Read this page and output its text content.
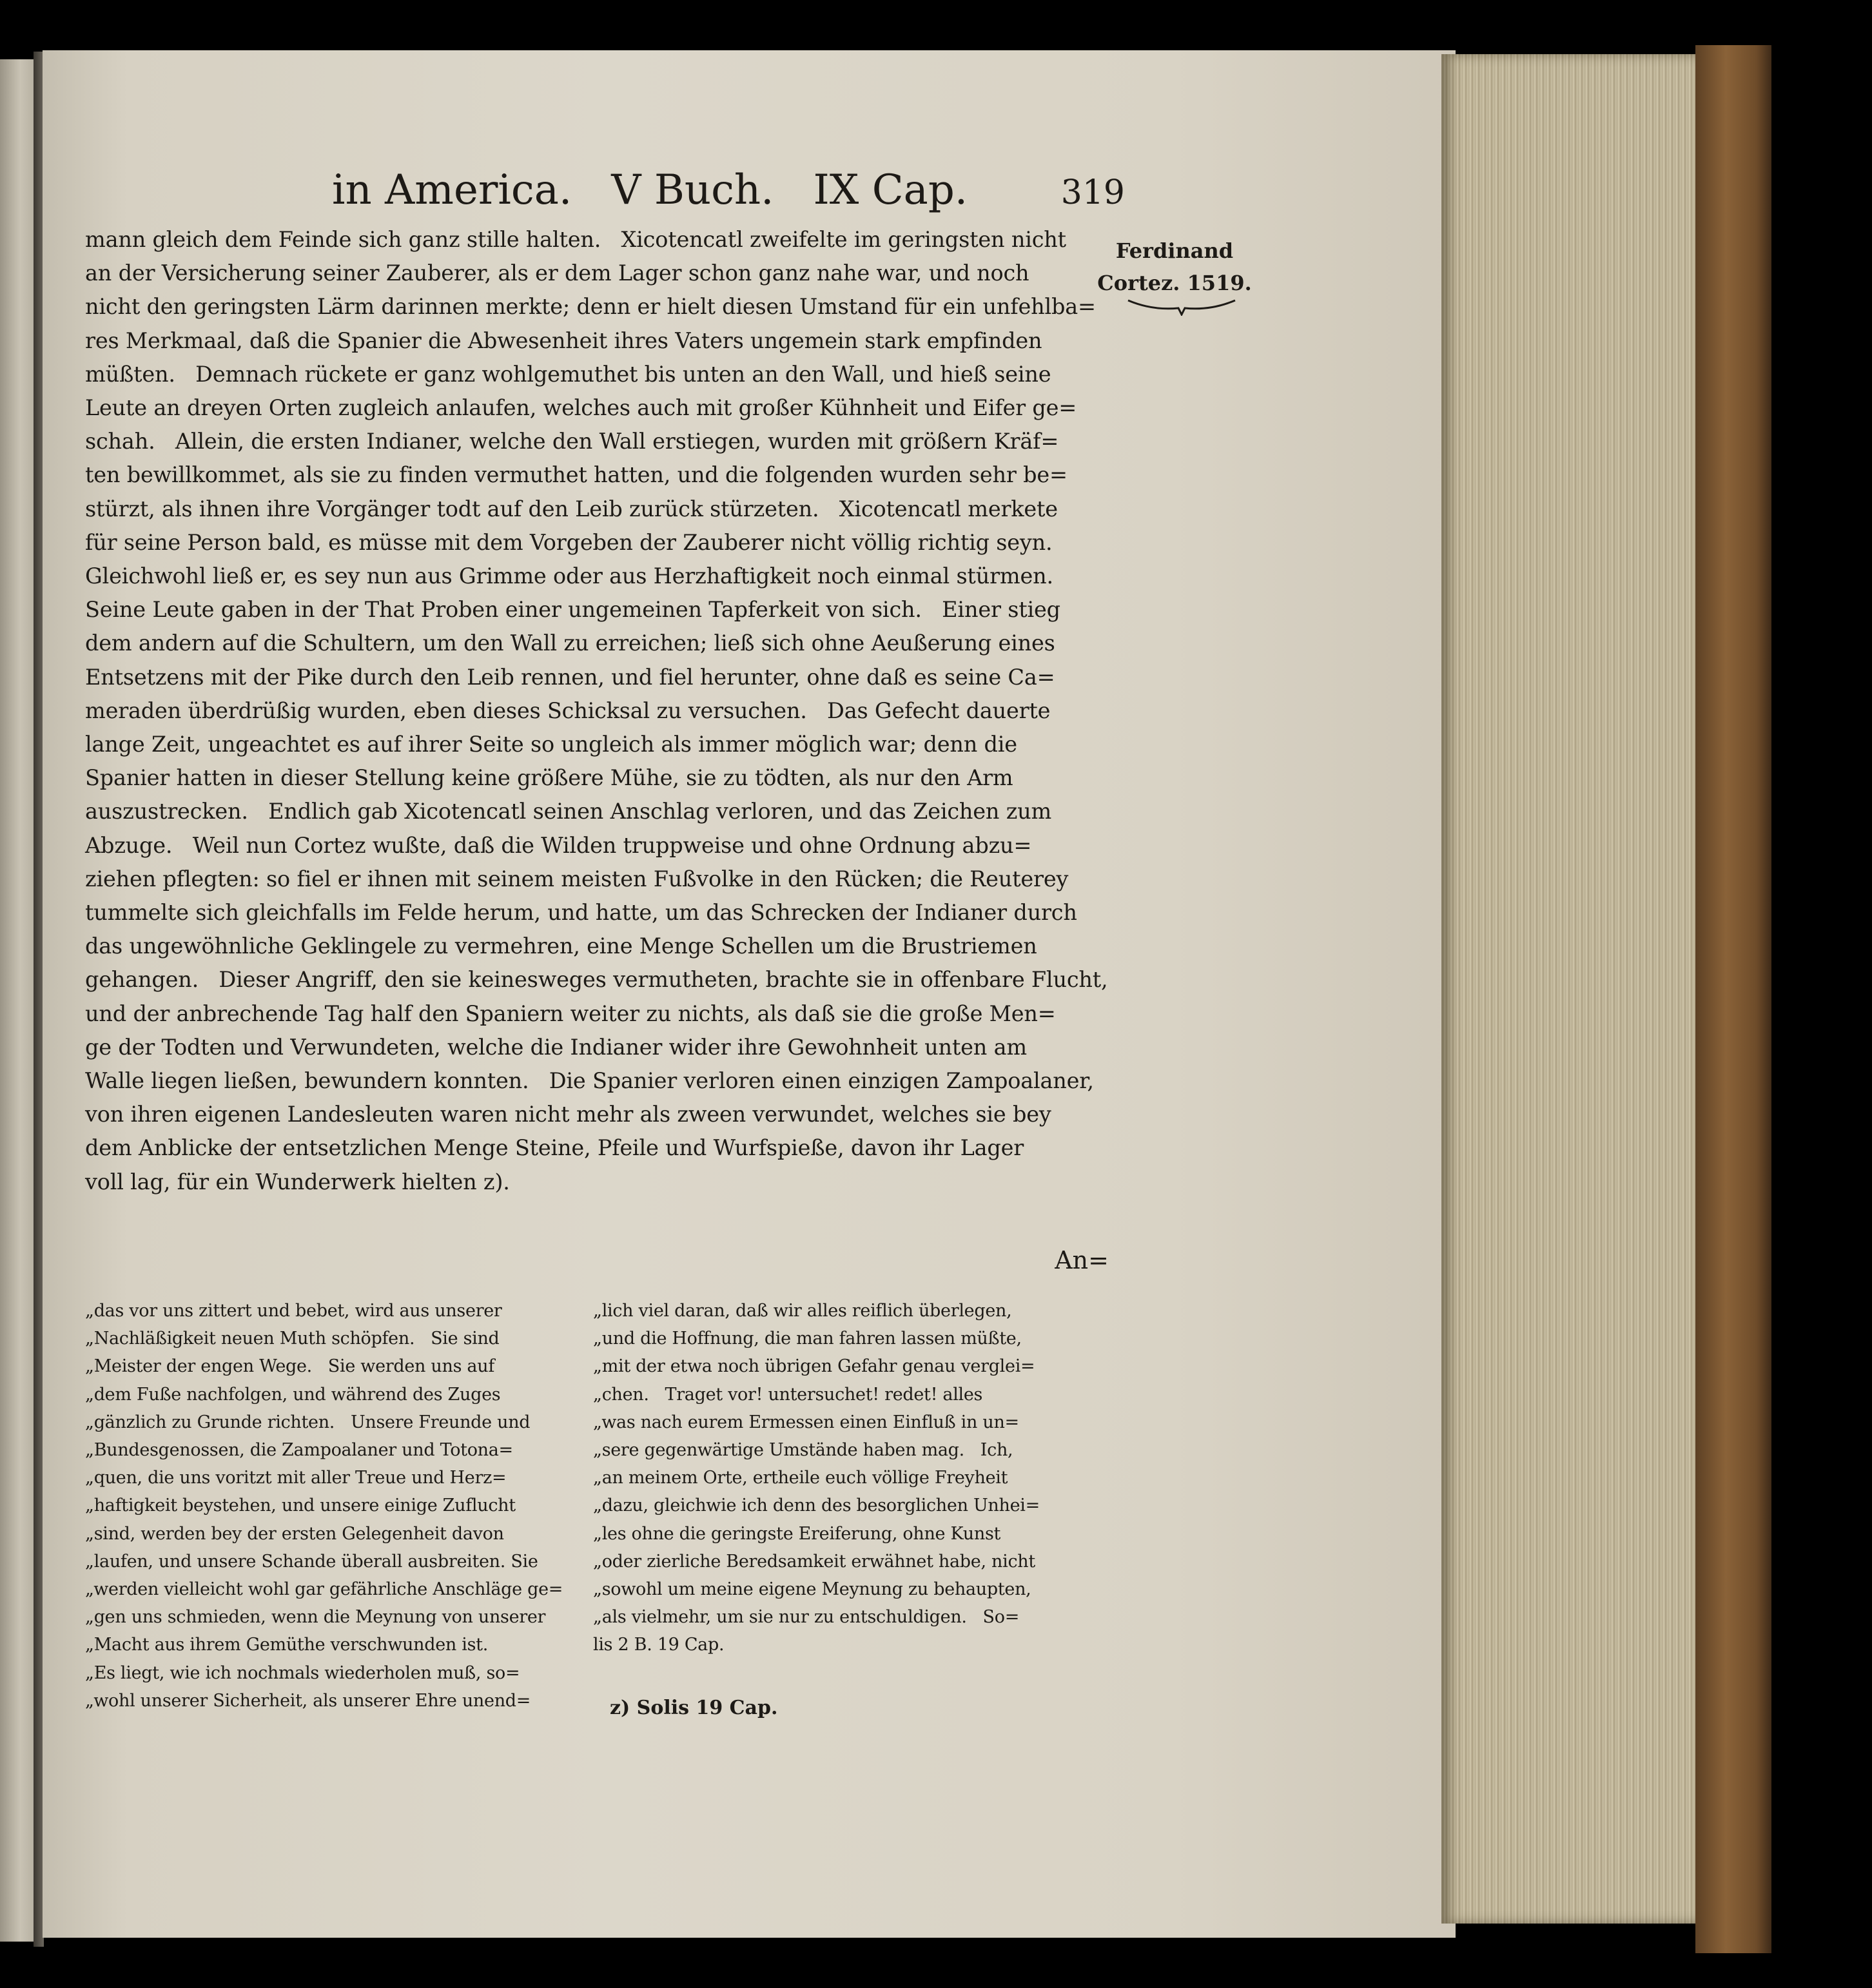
in America.   V Buch.   IX Cap.

	319

mann gleich dem Feinde sich ganz stille halten.   Xicotencatl zweifelte im geringsten nicht
an der Versicherung seiner Zauberer, als er dem Lager schon ganz nahe war, und noch
nicht den geringsten Lärm darinnen merkte; denn er hielt diesen Umstand für ein unfehlba=
res Merkmaal, daß die Spanier die Abwesenheit ihres Vaters ungemein stark empfinden
müßten.   Demnach rückete er ganz wohlgemuthet bis unten an den Wall, und hieß seine
Leute an dreyen Orten zugleich anlaufen, welches auch mit großer Kühnheit und Eifer ge=
schah.   Allein, die ersten Indianer, welche den Wall erstiegen, wurden mit größern Kräf=
ten bewillkommet, als sie zu finden vermuthet hatten, und die folgenden wurden sehr be=
stürzt, als ihnen ihre Vorgänger todt auf den Leib zurück stürzeten.   Xicotencatl merkete
für seine Person bald, es müsse mit dem Vorgeben der Zauberer nicht völlig richtig seyn.
Gleichwohl ließ er, es sey nun aus Grimme oder aus Herzhaftigkeit noch einmal stürmen.
Seine Leute gaben in der That Proben einer ungemeinen Tapferkeit von sich.   Einer stieg
dem andern auf die Schultern, um den Wall zu erreichen; ließ sich ohne Aeußerung eines
Entsetzens mit der Pike durch den Leib rennen, und fiel herunter, ohne daß es seine Ca=
meraden überdrüßig wurden, eben dieses Schicksal zu versuchen.   Das Gefecht dauerte
lange Zeit, ungeachtet es auf ihrer Seite so ungleich als immer möglich war; denn die
Spanier hatten in dieser Stellung keine größere Mühe, sie zu tödten, als nur den Arm
auszustrecken.   Endlich gab Xicotencatl seinen Anschlag verloren, und das Zeichen zum
Abzuge.   Weil nun Cortez wußte, daß die Wilden truppweise und ohne Ordnung abzu=
ziehen pflegten: so fiel er ihnen mit seinem meisten Fußvolke in den Rücken; die Reuterey
tummelte sich gleichfalls im Felde herum, und hatte, um das Schrecken der Indianer durch
das ungewöhnliche Geklingele zu vermehren, eine Menge Schellen um die Brustriemen
gehangen.   Dieser Angriff, den sie keinesweges vermutheten, brachte sie in offenbare Flucht,
und der anbrechende Tag half den Spaniern weiter zu nichts, als daß sie die große Men=
ge der Todten und Verwundeten, welche die Indianer wider ihre Gewohnheit unten am
Walle liegen ließen, bewundern konnten.   Die Spanier verloren einen einzigen Zampoalaner,
von ihren eigenen Landesleuten waren nicht mehr als zween verwundet, welches sie bey
dem Anblicke der entsetzlichen Menge Steine, Pfeile und Wurfspieße, davon ihr Lager
voll lag, für ein Wunderwerk hielten z).
Ferdinand
Cortez. 1519.
An=
„das vor uns zittert und bebet, wird aus unserer
„Nachläßigkeit neuen Muth schöpfen.   Sie sind
„Meister der engen Wege.   Sie werden uns auf
„dem Fuße nachfolgen, und während des Zuges
„gänzlich zu Grunde richten.   Unsere Freunde und
„Bundesgenossen, die Zampoalaner und Totona=
„quen, die uns voritzt mit aller Treue und Herz=
„haftigkeit beystehen, und unsere einige Zuflucht
„sind, werden bey der ersten Gelegenheit davon
„laufen, und unsere Schande überall ausbreiten. Sie
„werden vielleicht wohl gar gefährliche Anschläge ge=
„gen uns schmieden, wenn die Meynung von unserer
„Macht aus ihrem Gemüthe verschwunden ist.
„Es liegt, wie ich nochmals wiederholen muß, so=
„wohl unserer Sicherheit, als unserer Ehre unend=
„lich viel daran, daß wir alles reiflich überlegen,
„und die Hoffnung, die man fahren lassen müßte,
„mit der etwa noch übrigen Gefahr genau verglei=
„chen.   Traget vor! untersuchet! redet! alles
„was nach eurem Ermessen einen Einfluß in un=
„sere gegenwärtige Umstände haben mag.   Ich,
„an meinem Orte, ertheile euch völlige Freyheit
„dazu, gleichwie ich denn des besorglichen Unhei=
„les ohne die geringste Ereiferung, ohne Kunst
„oder zierliche Beredsamkeit erwähnet habe, nicht
„sowohl um meine eigene Meynung zu behaupten,
„als vielmehr, um sie nur zu entschuldigen.   So=
lis 2 B. 19 Cap.
z) Solis 19 Cap.
